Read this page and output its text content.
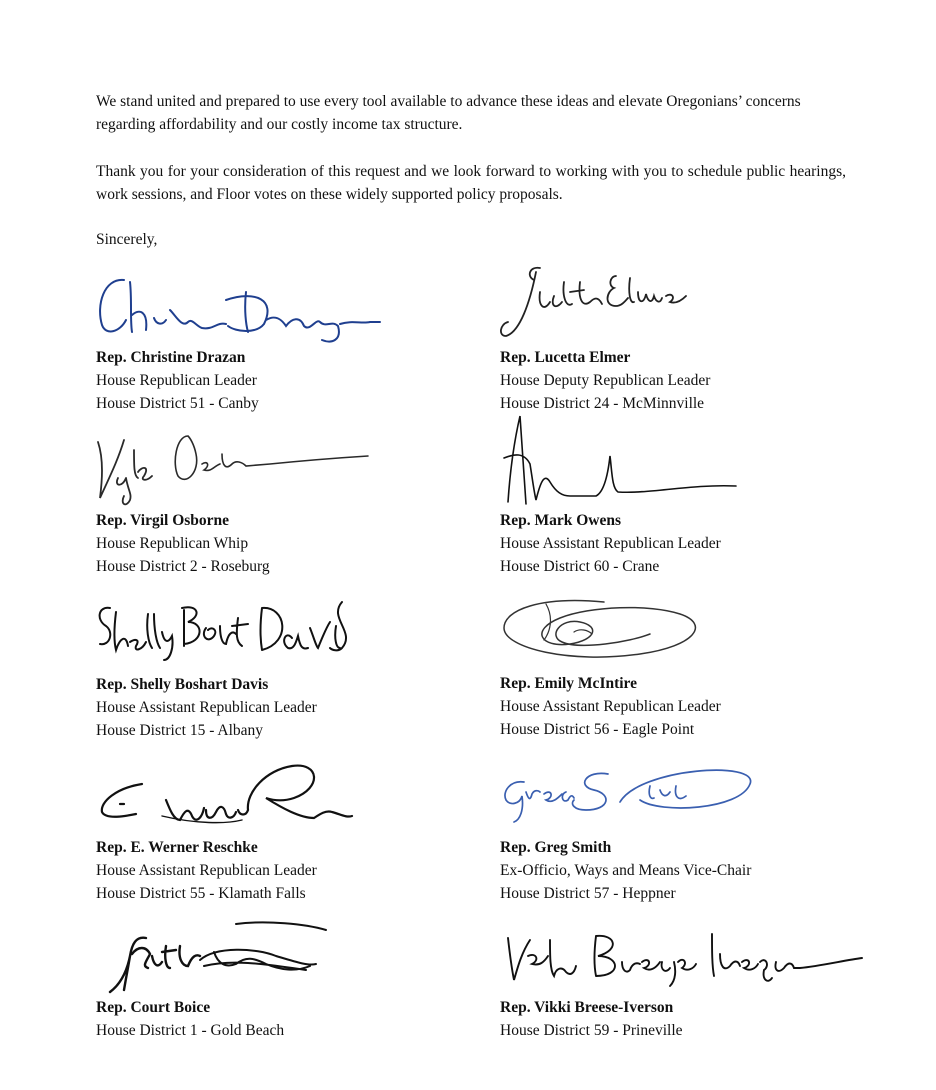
We stand united and prepared to use every tool available to advance these ideas and elevate Oregonians’ concerns regarding affordability and our costly income tax structure.
Thank you for your consideration of this request and we look forward to working with you to schedule public hearings, work sessions, and Floor votes on these widely supported policy proposals.
Sincerely,
Rep. Christine Drazan
House Republican Leader
House District 51 - Canby
Rep. Lucetta Elmer
House Deputy Republican Leader
House District 24 - McMinnville
Rep. Virgil Osborne
House Republican Whip
House District 2 - Roseburg
Rep. Mark Owens
House Assistant Republican Leader
House District 60 - Crane
Rep. Shelly Boshart Davis
House Assistant Republican Leader
House District 15 - Albany
Rep. Emily McIntire
House Assistant Republican Leader
House District 56 - Eagle Point
Rep. E. Werner Reschke
House Assistant Republican Leader
House District 55 - Klamath Falls
Rep. Greg Smith
Ex-Officio, Ways and Means Vice-Chair
House District 57 - Heppner
Rep. Court Boice
House District 1 - Gold Beach
Rep. Vikki Breese-Iverson
House District 59 - Prineville
